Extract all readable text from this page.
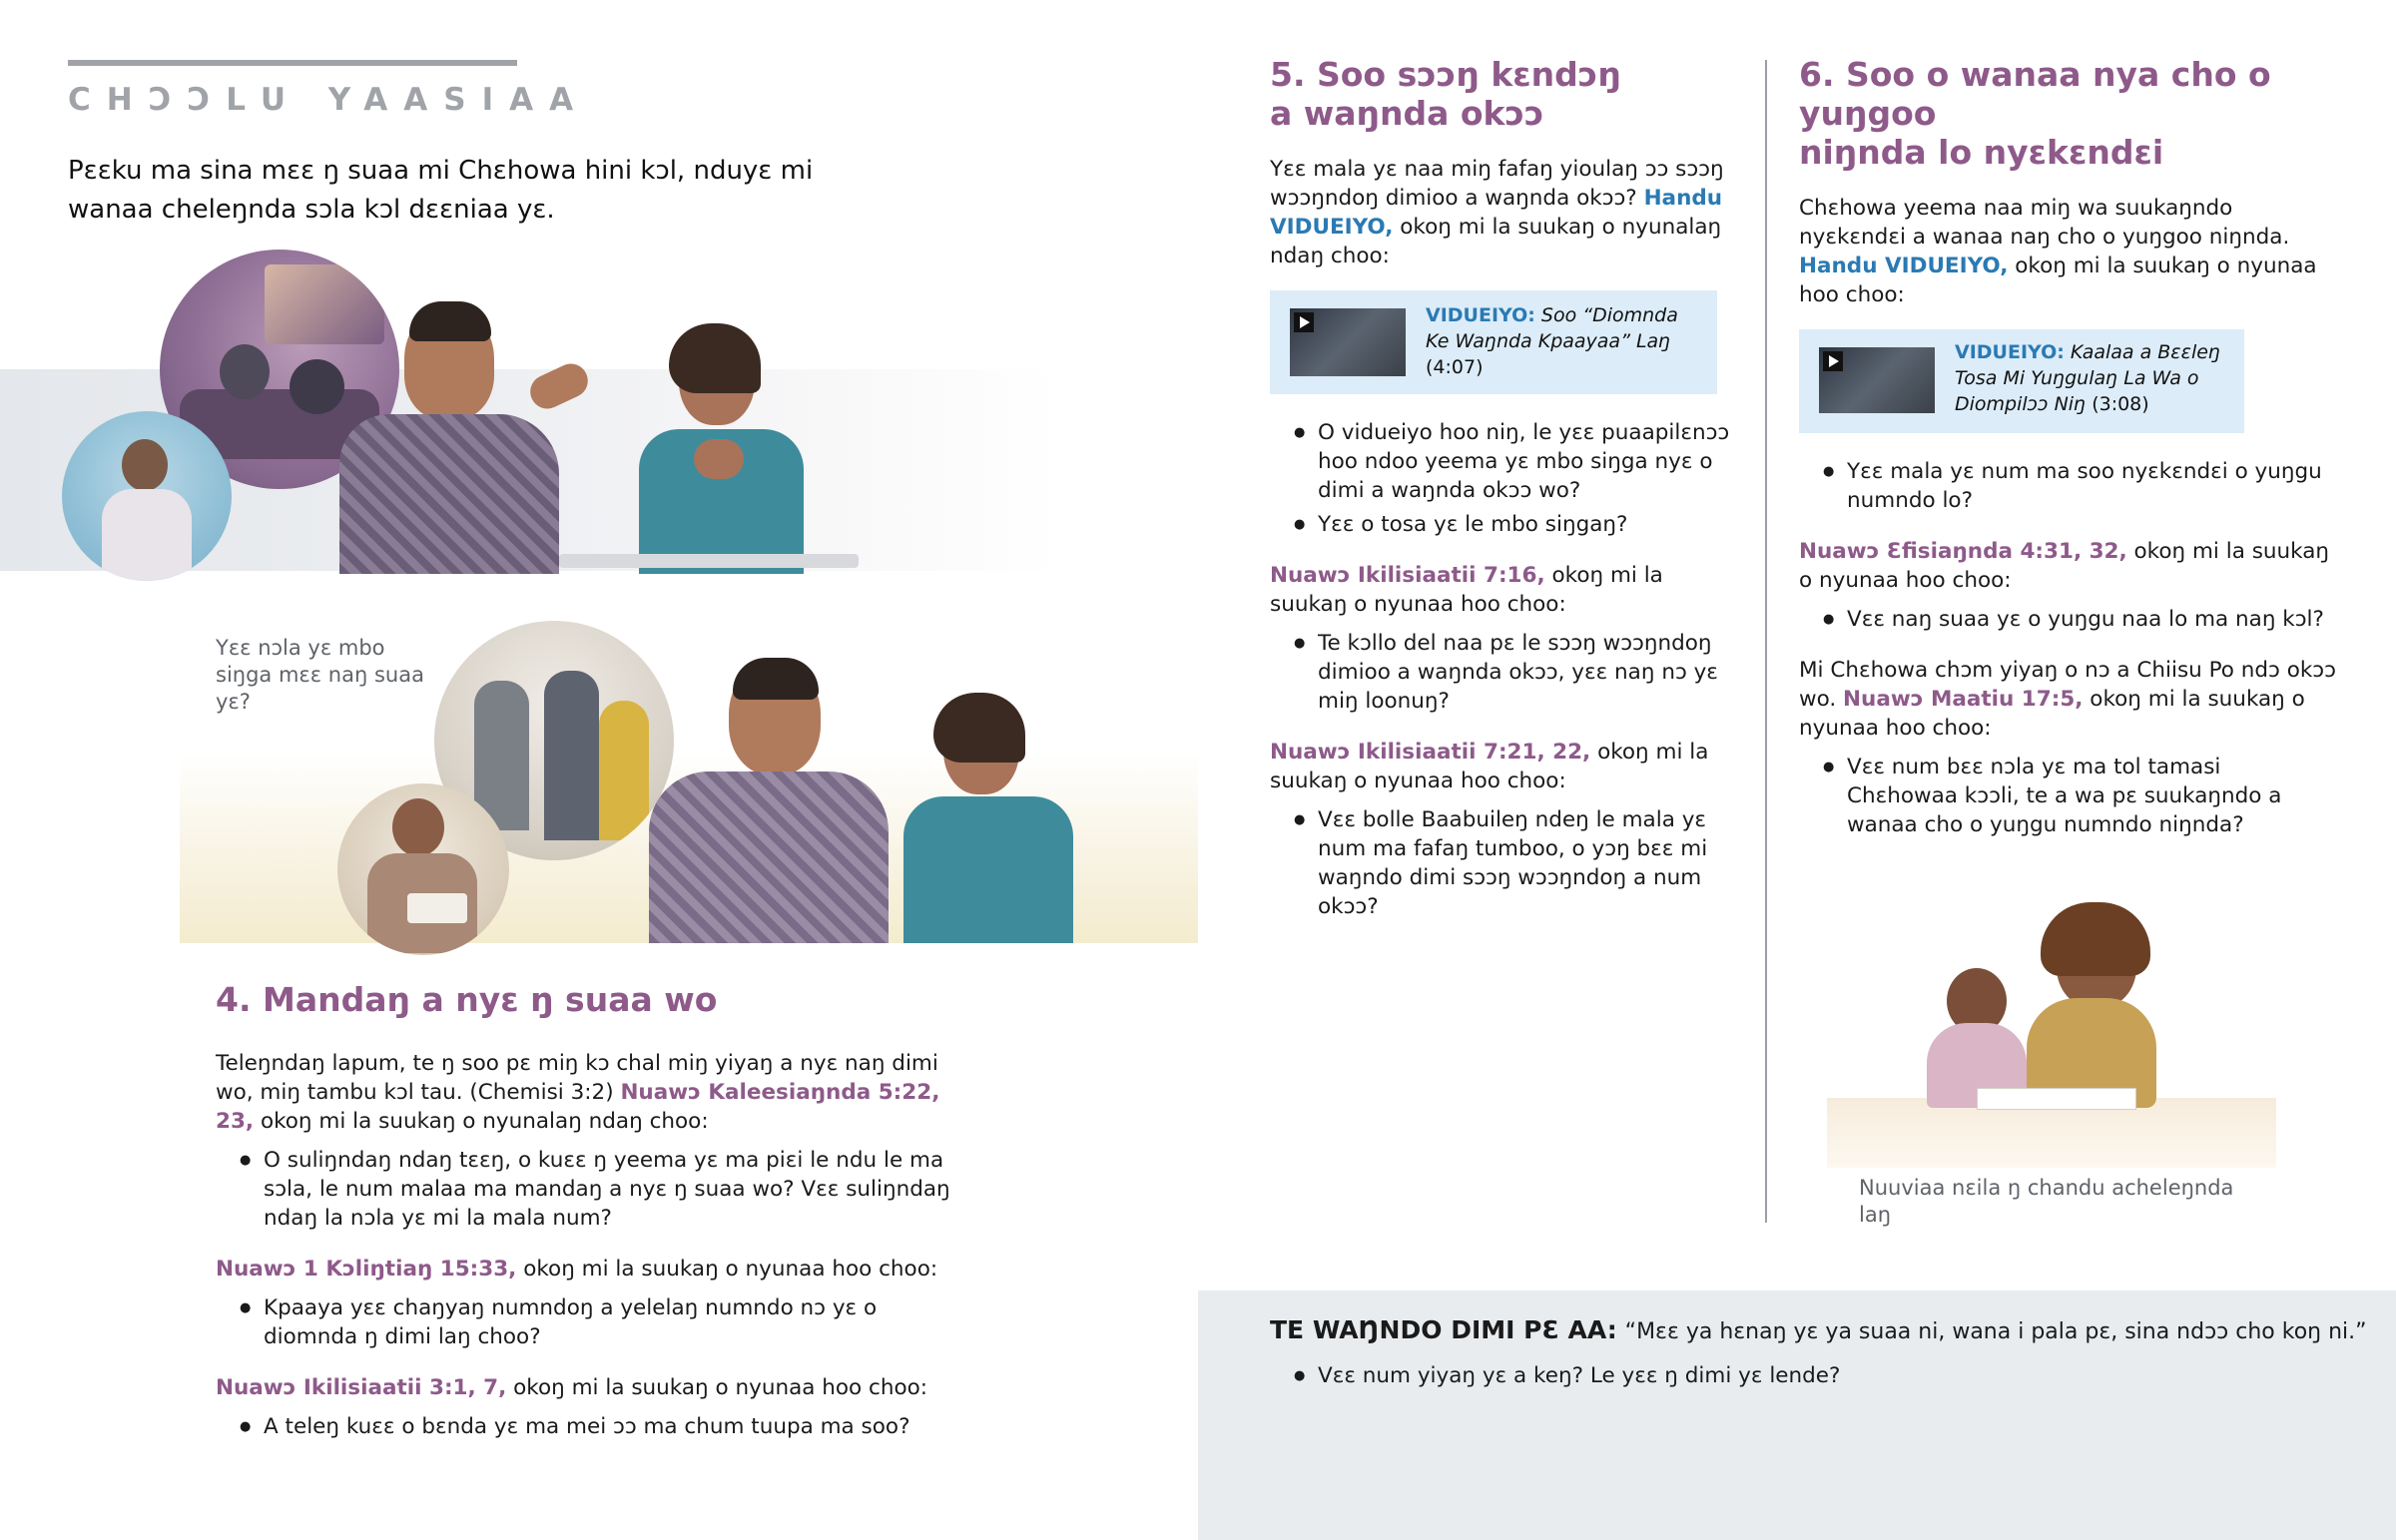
CHƆƆLU YAASIAA
Pɛɛku ma sina mɛɛ ŋ suaa mi Chɛhowa hini kɔl, nduyɛ mi wanaa cheleŋnda sɔla kɔl dɛɛniaa yɛ.
Yɛɛ nɔla yɛ mbo siŋga mɛɛ naŋ suaa yɛ?
4. Mandaŋ a nyɛ ŋ suaa wo

Teleŋndaŋ lapum, te ŋ soo pɛ miŋ kɔ chal miŋ yiyaŋ a nyɛ naŋ dimi wo, miŋ tambu kɔl tau. (Chemisi 3:2) Nuawɔ Kaleesiaŋnda 5:22, 23, okoŋ mi la suukaŋ o nyunalaŋ ndaŋ choo:

● O suliŋndaŋ ndaŋ tɛɛŋ, o kuɛɛ ŋ yeema yɛ ma piɛi le ndu le ma sɔla, le num malaa ma mandaŋ a nyɛ ŋ suaa wo? Vɛɛ suliŋndaŋ ndaŋ la nɔla yɛ mi la mala num?

Nuawɔ 1 Kɔliŋtiaŋ 15:33, okoŋ mi la suukaŋ o nyunaa hoo choo:

● Kpaaya yɛɛ chaŋyaŋ numndoŋ a yelelaŋ numndo nɔ yɛ o diomnda ŋ dimi laŋ choo?

Nuawɔ Ikilisiaatii 3:1, 7, okoŋ mi la suukaŋ o nyunaa hoo choo:

● A teleŋ kuɛɛ o bɛnda yɛ ma mei ɔɔ ma chum tuupa ma soo?
5. Soo sɔɔŋ kɛndɔŋ
a waŋnda okɔɔ

Yɛɛ mala yɛ naa miŋ fafaŋ yioulaŋ ɔɔ sɔɔŋ wɔɔŋndoŋ dimioo a waŋnda okɔɔ? Handu VIDUEIYO, okoŋ mi la suukaŋ o nyunalaŋ ndaŋ choo:

VIDUEIYO: Soo “Diomnda Ke Waŋnda Kpaayaa” Laŋ (4:07)
● O vidueiyo hoo niŋ, le yɛɛ puaapilɛnɔɔ hoo ndoo yeema yɛ mbo siŋga nyɛ o dimi a waŋnda okɔɔ wo?
● Yɛɛ o tosa yɛ le mbo siŋgaŋ?

Nuawɔ Ikilisiaatii 7:16, okoŋ mi la suukaŋ o nyunaa hoo choo:

● Te kɔllo del naa pɛ le sɔɔŋ wɔɔŋndoŋ dimioo a waŋnda okɔɔ, yɛɛ naŋ nɔ yɛ miŋ loonuŋ?

Nuawɔ Ikilisiaatii 7:21, 22, okoŋ mi la suukaŋ o nyunaa hoo choo:

● Vɛɛ bolle Baabuileŋ ndeŋ le mala yɛ num ma fafaŋ tumboo, o yɔŋ bɛɛ mi waŋndo dimi sɔɔŋ wɔɔŋndoŋ a num okɔɔ?
6. Soo o wanaa nya cho o yuŋgoo
niŋnda lo nyɛkɛndɛi

Chɛhowa yeema naa miŋ wa suukaŋndo nyɛkɛndɛi a wanaa naŋ cho o yuŋgoo niŋnda. Handu VIDUEIYO, okoŋ mi la suukaŋ o nyunaa hoo choo:

VIDUEIYO: Kaalaa a Bɛɛleŋ Tosa Mi Yuŋgulaŋ La Wa o Diompilɔɔ Niŋ (3:08)
● Yɛɛ mala yɛ num ma soo nyɛkɛndɛi o yuŋgu numndo lo?

Nuawɔ Ɛfisiaŋnda 4:31, 32, okoŋ mi la suukaŋ o nyunaa hoo choo:

● Vɛɛ naŋ suaa yɛ o yuŋgu naa lo ma naŋ kɔl?

Mi Chɛhowa chɔm yiyaŋ o nɔ a Chiisu Po ndɔ okɔɔ wo. Nuawɔ Maatiu 17:5, okoŋ mi la suukaŋ o nyunaa hoo choo:

● Vɛɛ num bɛɛ nɔla yɛ ma tol tamasi Chɛhowaa kɔɔli, te a wa pɛ suukaŋndo a wanaa cho o yuŋgu numndo niŋnda?
Nuuviaa nɛila ŋ chandu acheleŋnda laŋ

TE WAŊNDO DIMI PƐ AA: “Mɛɛ ya hɛnaŋ yɛ ya suaa ni, wana i pala pɛ, sina ndɔɔ cho koŋ ni.”

● Vɛɛ num yiyaŋ yɛ a keŋ? Le yɛɛ ŋ dimi yɛ lende?
